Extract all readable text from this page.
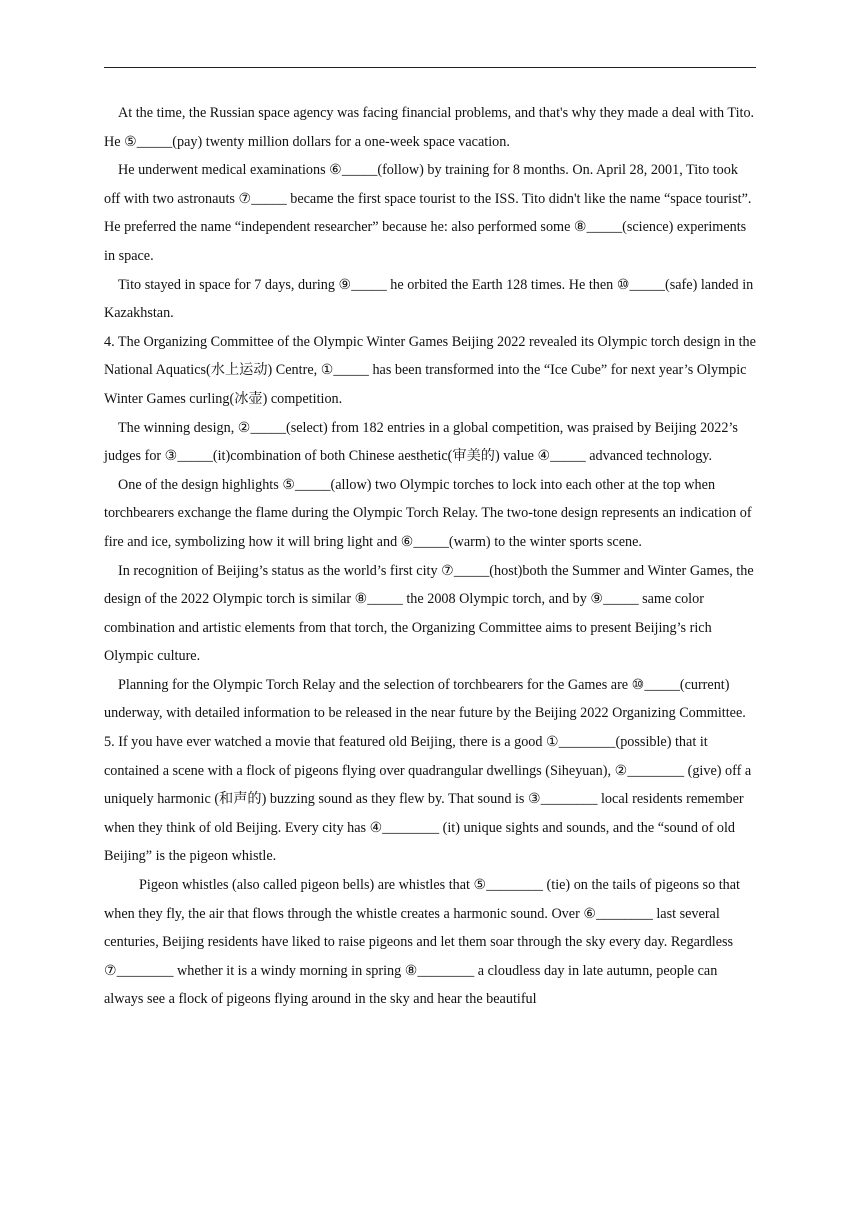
At the time, the Russian space agency was facing financial problems, and that's why they made a deal with Tito. He ⑤_____(pay) twenty million dollars for a one-week space vacation.

He underwent medical examinations ⑥_____(follow) by training for 8 months. On. April 28, 2001, Tito took off with two astronauts ⑦_____ became the first space tourist to the ISS. Tito didn't like the name “space tourist”. He preferred the name “independent researcher” because he: also performed some ⑧_____(science) experiments in space.

Tito stayed in space for 7 days, during ⑨_____ he orbited the Earth 128 times. He then ⑩_____(safe) landed in Kazakhstan.

4. The Organizing Committee of the Olympic Winter Games Beijing 2022 revealed its Olympic torch design in the National Aquatics(水上运动) Centre, ①_____ has been transformed into the “Ice Cube” for next year’s Olympic Winter Games curling(冰壶) competition.

The winning design, ②_____(select) from 182 entries in a global competition, was praised by Beijing 2022’s judges for ③_____(it)combination of both Chinese aesthetic(审美的) value ④_____ advanced technology.

One of the design highlights ⑤_____(allow) two Olympic torches to lock into each other at the top when torchbearers exchange the flame during the Olympic Torch Relay. The two-tone design represents an indication of fire and ice, symbolizing how it will bring light and ⑥_____(warm) to the winter sports scene.

In recognition of Beijing’s status as the world’s first city ⑦_____(host)both the Summer and Winter Games, the design of the 2022 Olympic torch is similar ⑧_____ the 2008 Olympic torch, and by ⑨_____ same color combination and artistic elements from that torch, the Organizing Committee aims to present Beijing’s rich Olympic culture.

Planning for the Olympic Torch Relay and the selection of torchbearers for the Games are ⑩_____(current) underway, with detailed information to be released in the near future by the Beijing 2022 Organizing Committee.

5. If you have ever watched a movie that featured old Beijing, there is a good ①________(possible) that it contained a scene with a flock of pigeons flying over quadrangular dwellings (Siheyuan), ②________ (give) off a uniquely harmonic (和声的) buzzing sound as they flew by. That sound is ③________ local residents remember when they think of old Beijing. Every city has ④________ (it) unique sights and sounds, and the “sound of old Beijing” is the pigeon whistle.

Pigeon whistles (also called pigeon bells) are whistles that ⑤________ (tie) on the tails of pigeons so that when they fly, the air that flows through the whistle creates a harmonic sound. Over ⑥________ last several centuries, Beijing residents have liked to raise pigeons and let them soar through the sky every day. Regardless ⑦________ whether it is a windy morning in spring ⑧________ a cloudless day in late autumn, people can always see a flock of pigeons flying around in the sky and hear the beautiful
